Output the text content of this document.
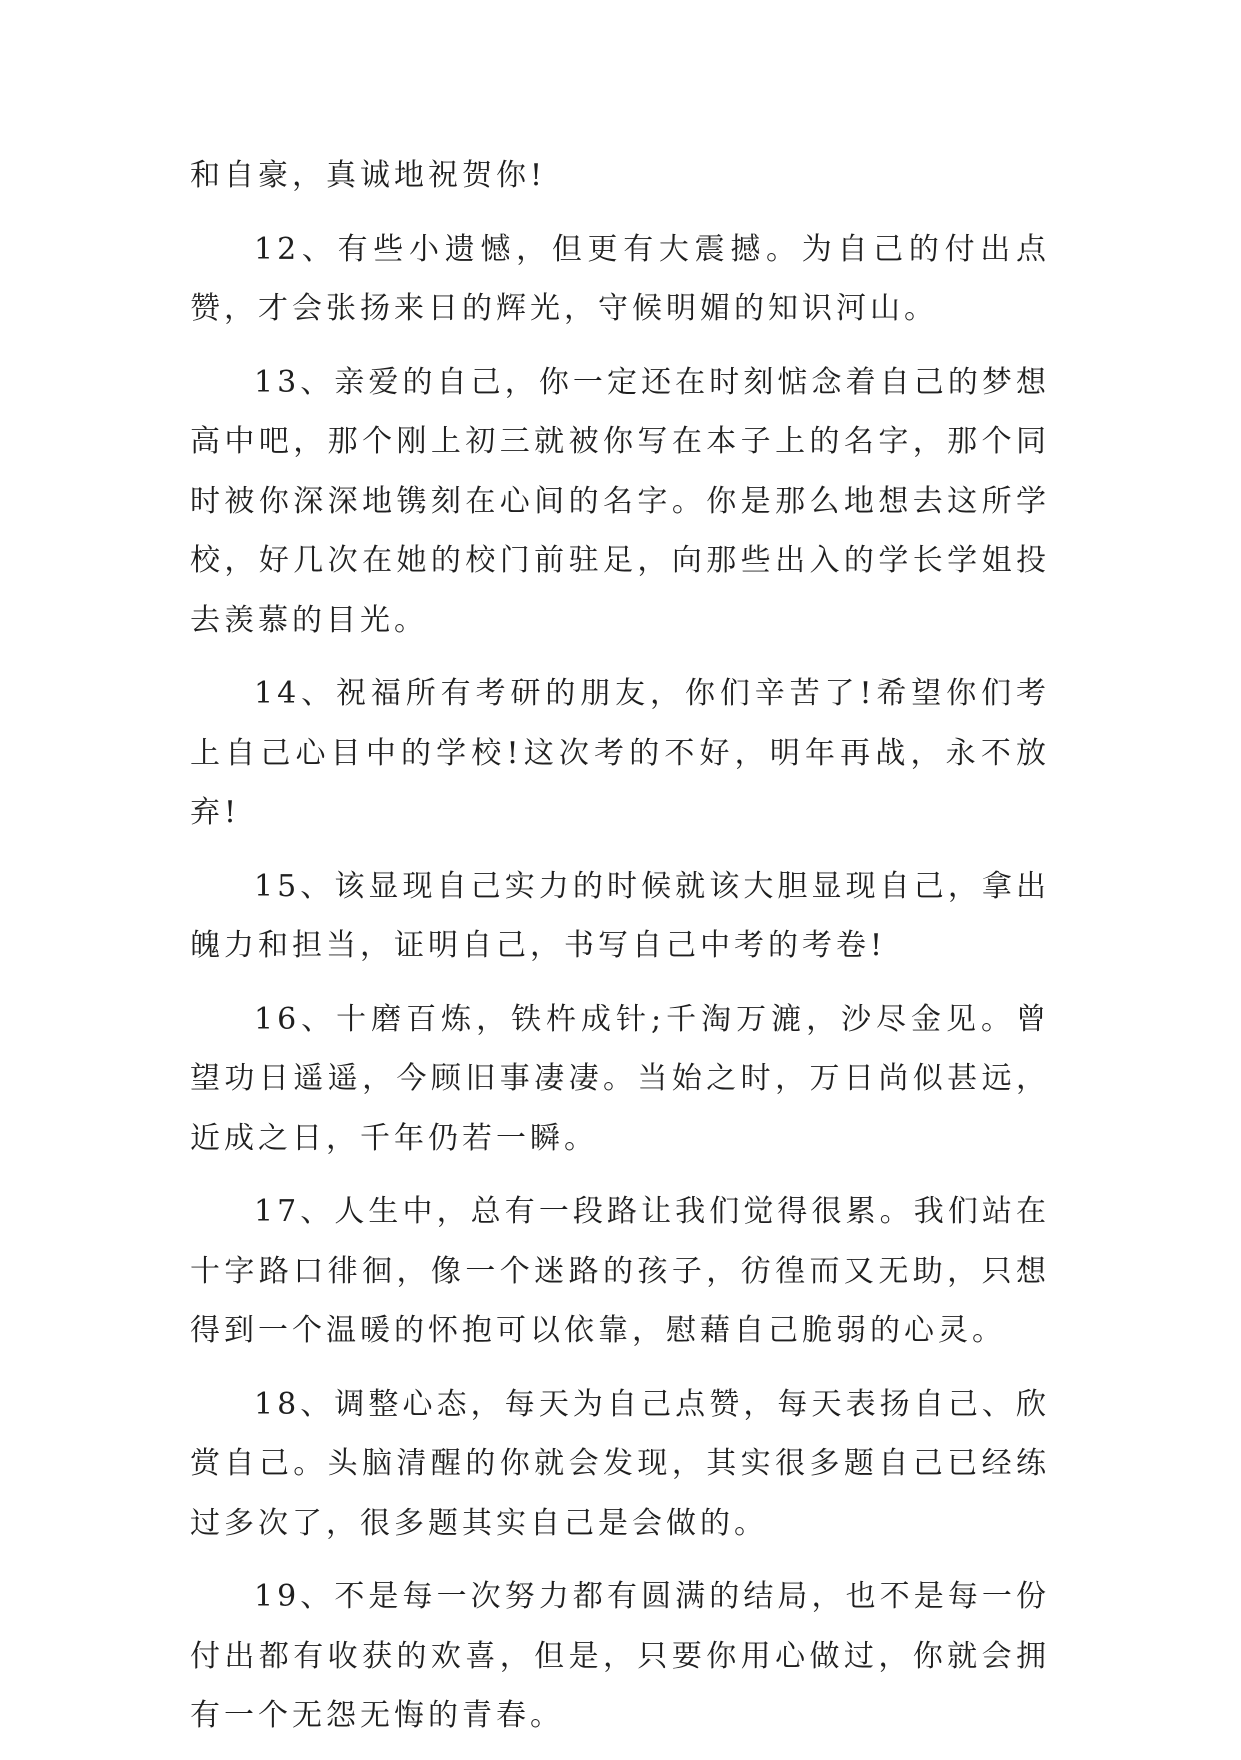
和自豪，真诚地祝贺你!

12、有些小遗憾，但更有大震撼。为自己的付出点赞，才会张扬来日的辉光，守候明媚的知识河山。

13、亲爱的自己，你一定还在时刻惦念着自己的梦想高中吧，那个刚上初三就被你写在本子上的名字，那个同时被你深深地镌刻在心间的名字。你是那么地想去这所学校，好几次在她的校门前驻足，向那些出入的学长学姐投去羡慕的目光。

14、祝福所有考研的朋友，你们辛苦了!希望你们考上自己心目中的学校!这次考的不好，明年再战，永不放弃!

15、该显现自己实力的时候就该大胆显现自己，拿出魄力和担当，证明自己，书写自己中考的考卷!

16、十磨百炼，铁杵成针;千淘万漉，沙尽金见。曾望功日遥遥，今顾旧事凄凄。当始之时，万日尚似甚远，近成之日，千年仍若一瞬。

17、人生中，总有一段路让我们觉得很累。我们站在十字路口徘徊，像一个迷路的孩子，彷徨而又无助，只想得到一个温暖的怀抱可以依靠，慰藉自己脆弱的心灵。

18、调整心态，每天为自己点赞，每天表扬自己、欣赏自己。头脑清醒的你就会发现，其实很多题自己已经练过多次了，很多题其实自己是会做的。

19、不是每一次努力都有圆满的结局，也不是每一份付出都有收获的欢喜，但是，只要你用心做过，你就会拥有一个无怨无悔的青春。
